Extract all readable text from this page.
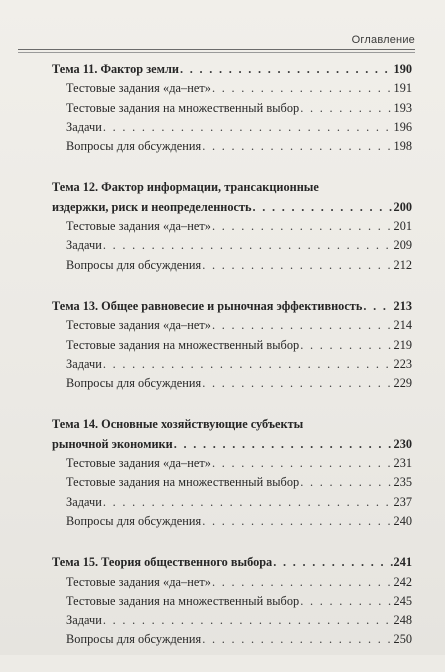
Оглавление
Тема 11. Фактор земли . . .	190
Тестовые задания «да–нет» . . .	191
Тестовые задания на множественный выбор . . .	193
Задачи . . .	196
Вопросы для обсуждения . . .	198
Тема 12. Фактор информации, трансакционные
издержки, риск и неопределенность . . .	200
Тестовые задания «да–нет» . . .	201
Задачи . . .	209
Вопросы для обсуждения . . .	212
Тема 13. Общее равновесие и рыночная эффективность . . .	213
Тестовые задания «да–нет» . . .	214
Тестовые задания на множественный выбор . . .	219
Задачи . . .	223
Вопросы для обсуждения . . .	229
Тема 14. Основные хозяйствующие субъекты
рыночной экономики . . .	230
Тестовые задания «да–нет» . . .	231
Тестовые задания на множественный выбор . . .	235
Задачи . . .	237
Вопросы для обсуждения . . .	240
Тема 15. Теория общественного выбора . . .	241
Тестовые задания «да–нет» . . .	242
Тестовые задания на множественный выбор . . .	245
Задачи . . .	248
Вопросы для обсуждения . . .	250
